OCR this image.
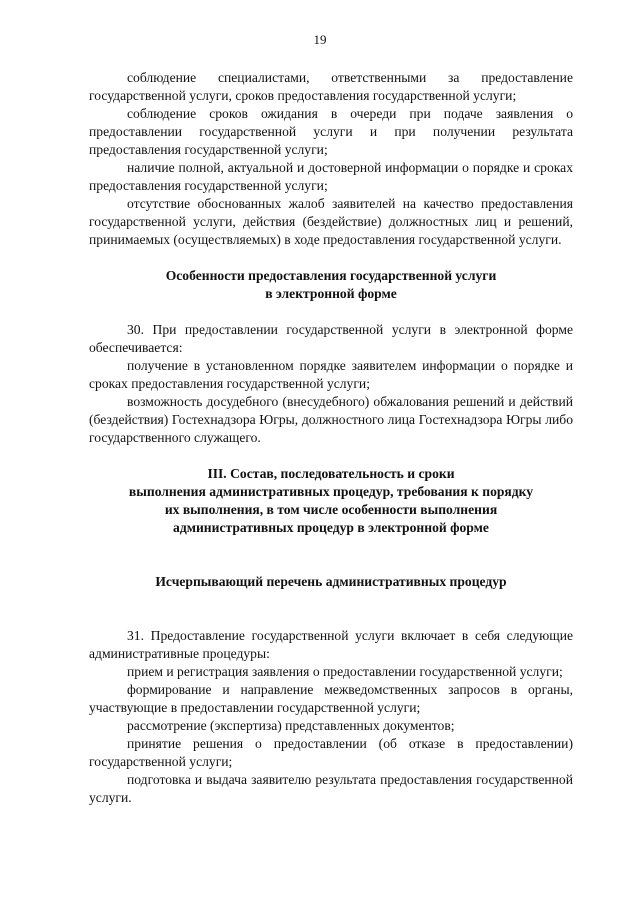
19

соблюдение специалистами, ответственными за предоставление государственной услуги, сроков предоставления государственной услуги;

соблюдение сроков ожидания в очереди при подаче заявления о предоставлении государственной услуги и при получении результата предоставления государственной услуги;

наличие полной, актуальной и достоверной информации о порядке и сроках предоставления государственной услуги;

отсутствие обоснованных жалоб заявителей на качество предоставления государственной услуги, действия (бездействие) должностных лиц и решений, принимаемых (осуществляемых) в ходе предоставления государственной услуги.

Особенности предоставления государственной услуги
в электронной форме

30. При предоставлении государственной услуги в электронной форме обеспечивается:

получение в установленном порядке заявителем информации о порядке и сроках предоставления государственной услуги;

возможность досудебного (внесудебного) обжалования решений и действий (бездействия) Гостехнадзора Югры, должностного лица Гостехнадзора Югры либо государственного служащего.

III. Состав, последовательность и сроки
выполнения административных процедур, требования к порядку
их выполнения, в том числе особенности выполнения
административных процедур в электронной форме
Исчерпывающий перечень административных процедур

31. Предоставление государственной услуги включает в себя следующие административные процедуры:

прием и регистрация заявления о предоставлении государственной услуги;

формирование и направление межведомственных запросов в органы, участвующие в предоставлении государственной услуги;

рассмотрение (экспертиза) представленных документов;

принятие решения о предоставлении (об отказе в предоставлении) государственной услуги;

подготовка и выдача заявителю результата предоставления государственной услуги.
